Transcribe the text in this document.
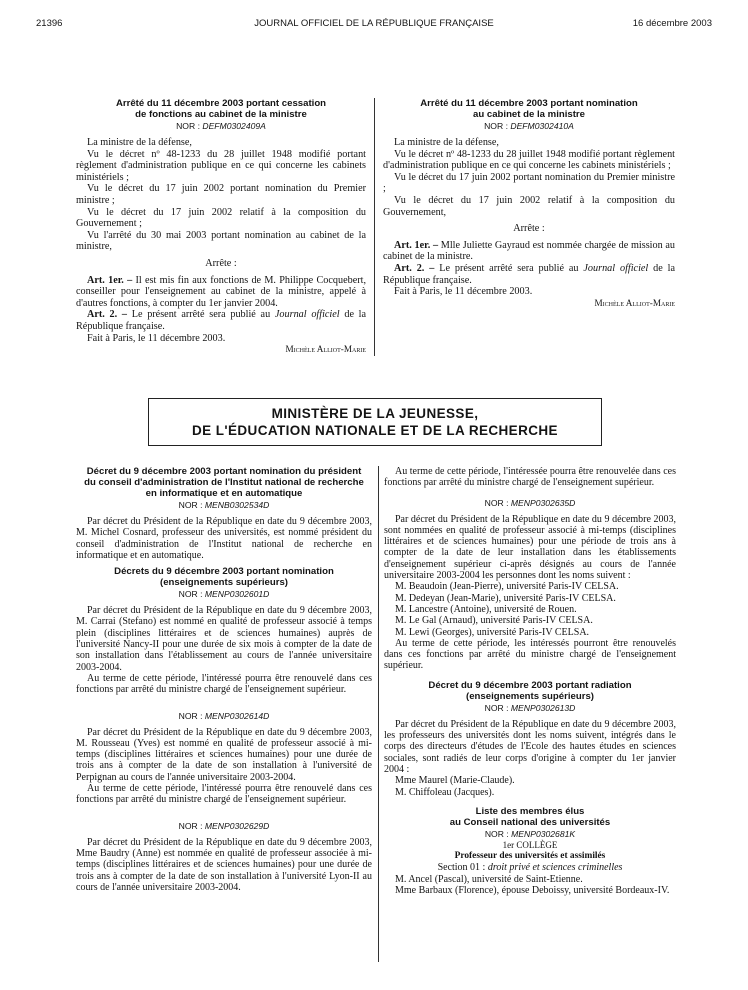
21396	JOURNAL OFFICIEL DE LA RÉPUBLIQUE FRANÇAISE	16 décembre 2003

Arrêté du 11 décembre 2003 portant cessation

de fonctions au cabinet de la ministre

NOR : DEFM0302409A

La ministre de la défense,

Vu le décret nº 48-1233 du 28 juillet 1948 modifié portant règlement d'administration publique en ce qui concerne les cabinets ministériels ;

Vu le décret du 17 juin 2002 portant nomination du Premier ministre ;

Vu le décret du 17 juin 2002 relatif à la composition du Gouvernement ;

Vu l'arrêté du 30 mai 2003 portant nomination au cabinet de la ministre,

Arrête :

Art. 1er. – Il est mis fin aux fonctions de M. Philippe Cocquebert, conseiller pour l'enseignement au cabinet de la ministre, appelé à d'autres fonctions, à compter du 1er janvier 2004.

Art. 2. – Le présent arrêté sera publié au Journal officiel de la République française.

Fait à Paris, le 11 décembre 2003.

Michèle Alliot-Marie

Arrêté du 11 décembre 2003 portant nomination

au cabinet de la ministre

NOR : DEFM0302410A

La ministre de la défense,

Vu le décret nº 48-1233 du 28 juillet 1948 modifié portant règlement d'administration publique en ce qui concerne les cabinets ministériels ;

Vu le décret du 17 juin 2002 portant nomination du Premier ministre ;

Vu le décret du 17 juin 2002 relatif à la composition du Gouvernement,

Arrête :

Art. 1er. – Mlle Juliette Gayraud est nommée chargée de mission au cabinet de la ministre.

Art. 2. – Le présent arrêté sera publié au Journal officiel de la République française.

Fait à Paris, le 11 décembre 2003.

Michèle Alliot-Marie

MINISTÈRE DE LA JEUNESSE,
DE L'ÉDUCATION NATIONALE ET DE LA RECHERCHE

Décret du 9 décembre 2003 portant nomination du président du conseil d'administration de l'Institut national de recherche en informatique et en automatique

NOR : MENB0302534D

Par décret du Président de la République en date du 9 décembre 2003, M. Michel Cosnard, professeur des universités, est nommé président du conseil d'administration de l'Institut national de recherche en informatique et en automatique.

Décrets du 9 décembre 2003 portant nomination

(enseignements supérieurs)

NOR : MENP0302601D

Par décret du Président de la République en date du 9 décembre 2003, M. Carrai (Stefano) est nommé en qualité de professeur associé à temps plein (disciplines littéraires et de sciences humaines) auprès de l'université Nancy-II pour une durée de six mois à compter de la date de son installation dans l'établissement au cours de l'année universitaire 2003-2004.

Au terme de cette période, l'intéressé pourra être renouvelé dans ces fonctions par arrêté du ministre chargé de l'enseignement supérieur.

NOR : MENP0302614D

Par décret du Président de la République en date du 9 décembre 2003, M. Rousseau (Yves) est nommé en qualité de professeur associé à mi-temps (disciplines littéraires et sciences humaines) pour une durée de trois ans à compter de la date de son installation à l'université de Perpignan au cours de l'année universitaire 2003-2004.

Au terme de cette période, l'intéressé pourra être renouvelé dans ces fonctions par arrêté du ministre chargé de l'enseignement supérieur.

NOR : MENP0302629D

Par décret du Président de la République en date du 9 décembre 2003, Mme Baudry (Anne) est nommée en qualité de professeur associée à mi-temps (disciplines littéraires et de sciences humaines) pour une durée de trois ans à compter de la date de son installation à l'université Lyon-II au cours de l'année universitaire 2003-2004.

Au terme de cette période, l'intéressée pourra être renouvelée dans ces fonctions par arrêté du ministre chargé de l'enseignement supérieur.

NOR : MENP0302635D

Par décret du Président de la République en date du 9 décembre 2003, sont nommées en qualité de professeur associé à mi-temps (disciplines littéraires et de sciences humaines) pour une période de trois ans à compter de la date de leur installation dans les établissements d'enseignement supérieur ci-après désignés au cours de l'année universitaire 2003-2004 les personnes dont les noms suivent :

M. Beaudoin (Jean-Pierre), université Paris-IV CELSA.

M. Dedeyan (Jean-Marie), université Paris-IV CELSA.

M. Lancestre (Antoine), université de Rouen.

M. Le Gal (Arnaud), université Paris-IV CELSA.

M. Lewi (Georges), université Paris-IV CELSA.

Au terme de cette période, les intéressés pourront être renouvelés dans ces fonctions par arrêté du ministre chargé de l'enseignement supérieur.

Décret du 9 décembre 2003 portant radiation

(enseignements supérieurs)

NOR : MENP0302613D

Par décret du Président de la République en date du 9 décembre 2003, les professeurs des universités dont les noms suivent, intégrés dans le corps des directeurs d'études de l'Ecole des hautes études en sciences sociales, sont radiés de leur corps d'origine à compter du 1er janvier 2004 :

Mme Maurel (Marie-Claude).

M. Chiffoleau (Jacques).

Liste des membres élus

au Conseil national des universités

NOR : MENP0302681K

1er COLLÈGE

Professeur des universités et assimilés

Section 01 : droit privé et sciences criminelles

M. Ancel (Pascal), université de Saint-Etienne.

Mme Barbaux (Florence), épouse Deboissy, université Bordeaux-IV.
